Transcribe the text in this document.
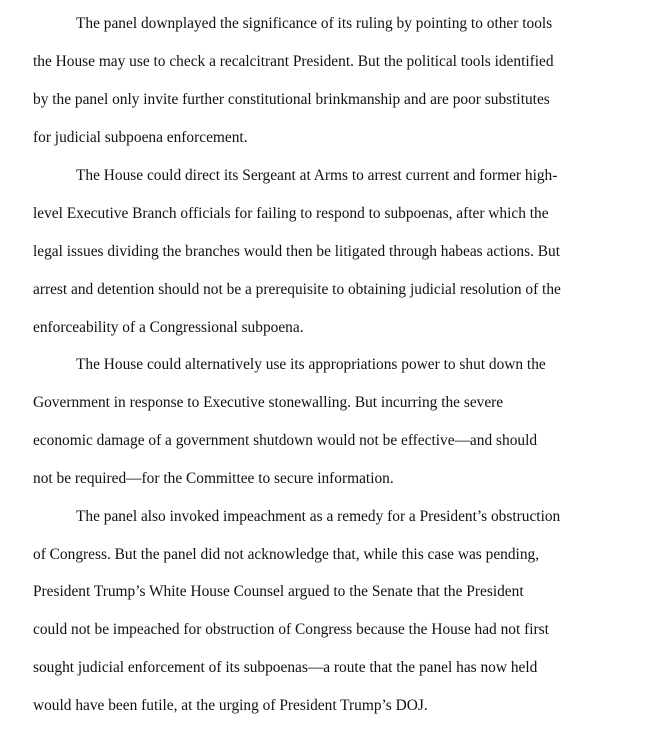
The panel downplayed the significance of its ruling by pointing to other tools

the House may use to check a recalcitrant President. But the political tools identified

by the panel only invite further constitutional brinkmanship and are poor substitutes

for judicial subpoena enforcement.

The House could direct its Sergeant at Arms to arrest current and former high-

level Executive Branch officials for failing to respond to subpoenas, after which the

legal issues dividing the branches would then be litigated through habeas actions. But

arrest and detention should not be a prerequisite to obtaining judicial resolution of the

enforceability of a Congressional subpoena.

The House could alternatively use its appropriations power to shut down the

Government in response to Executive stonewalling. But incurring the severe

economic damage of a government shutdown would not be effective—and should

not be required—for the Committee to secure information.

The panel also invoked impeachment as a remedy for a President’s obstruction

of Congress. But the panel did not acknowledge that, while this case was pending,

President Trump’s White House Counsel argued to the Senate that the President

could not be impeached for obstruction of Congress because the House had not first

sought judicial enforcement of its subpoenas—a route that the panel has now held

would have been futile, at the urging of President Trump’s DOJ.
